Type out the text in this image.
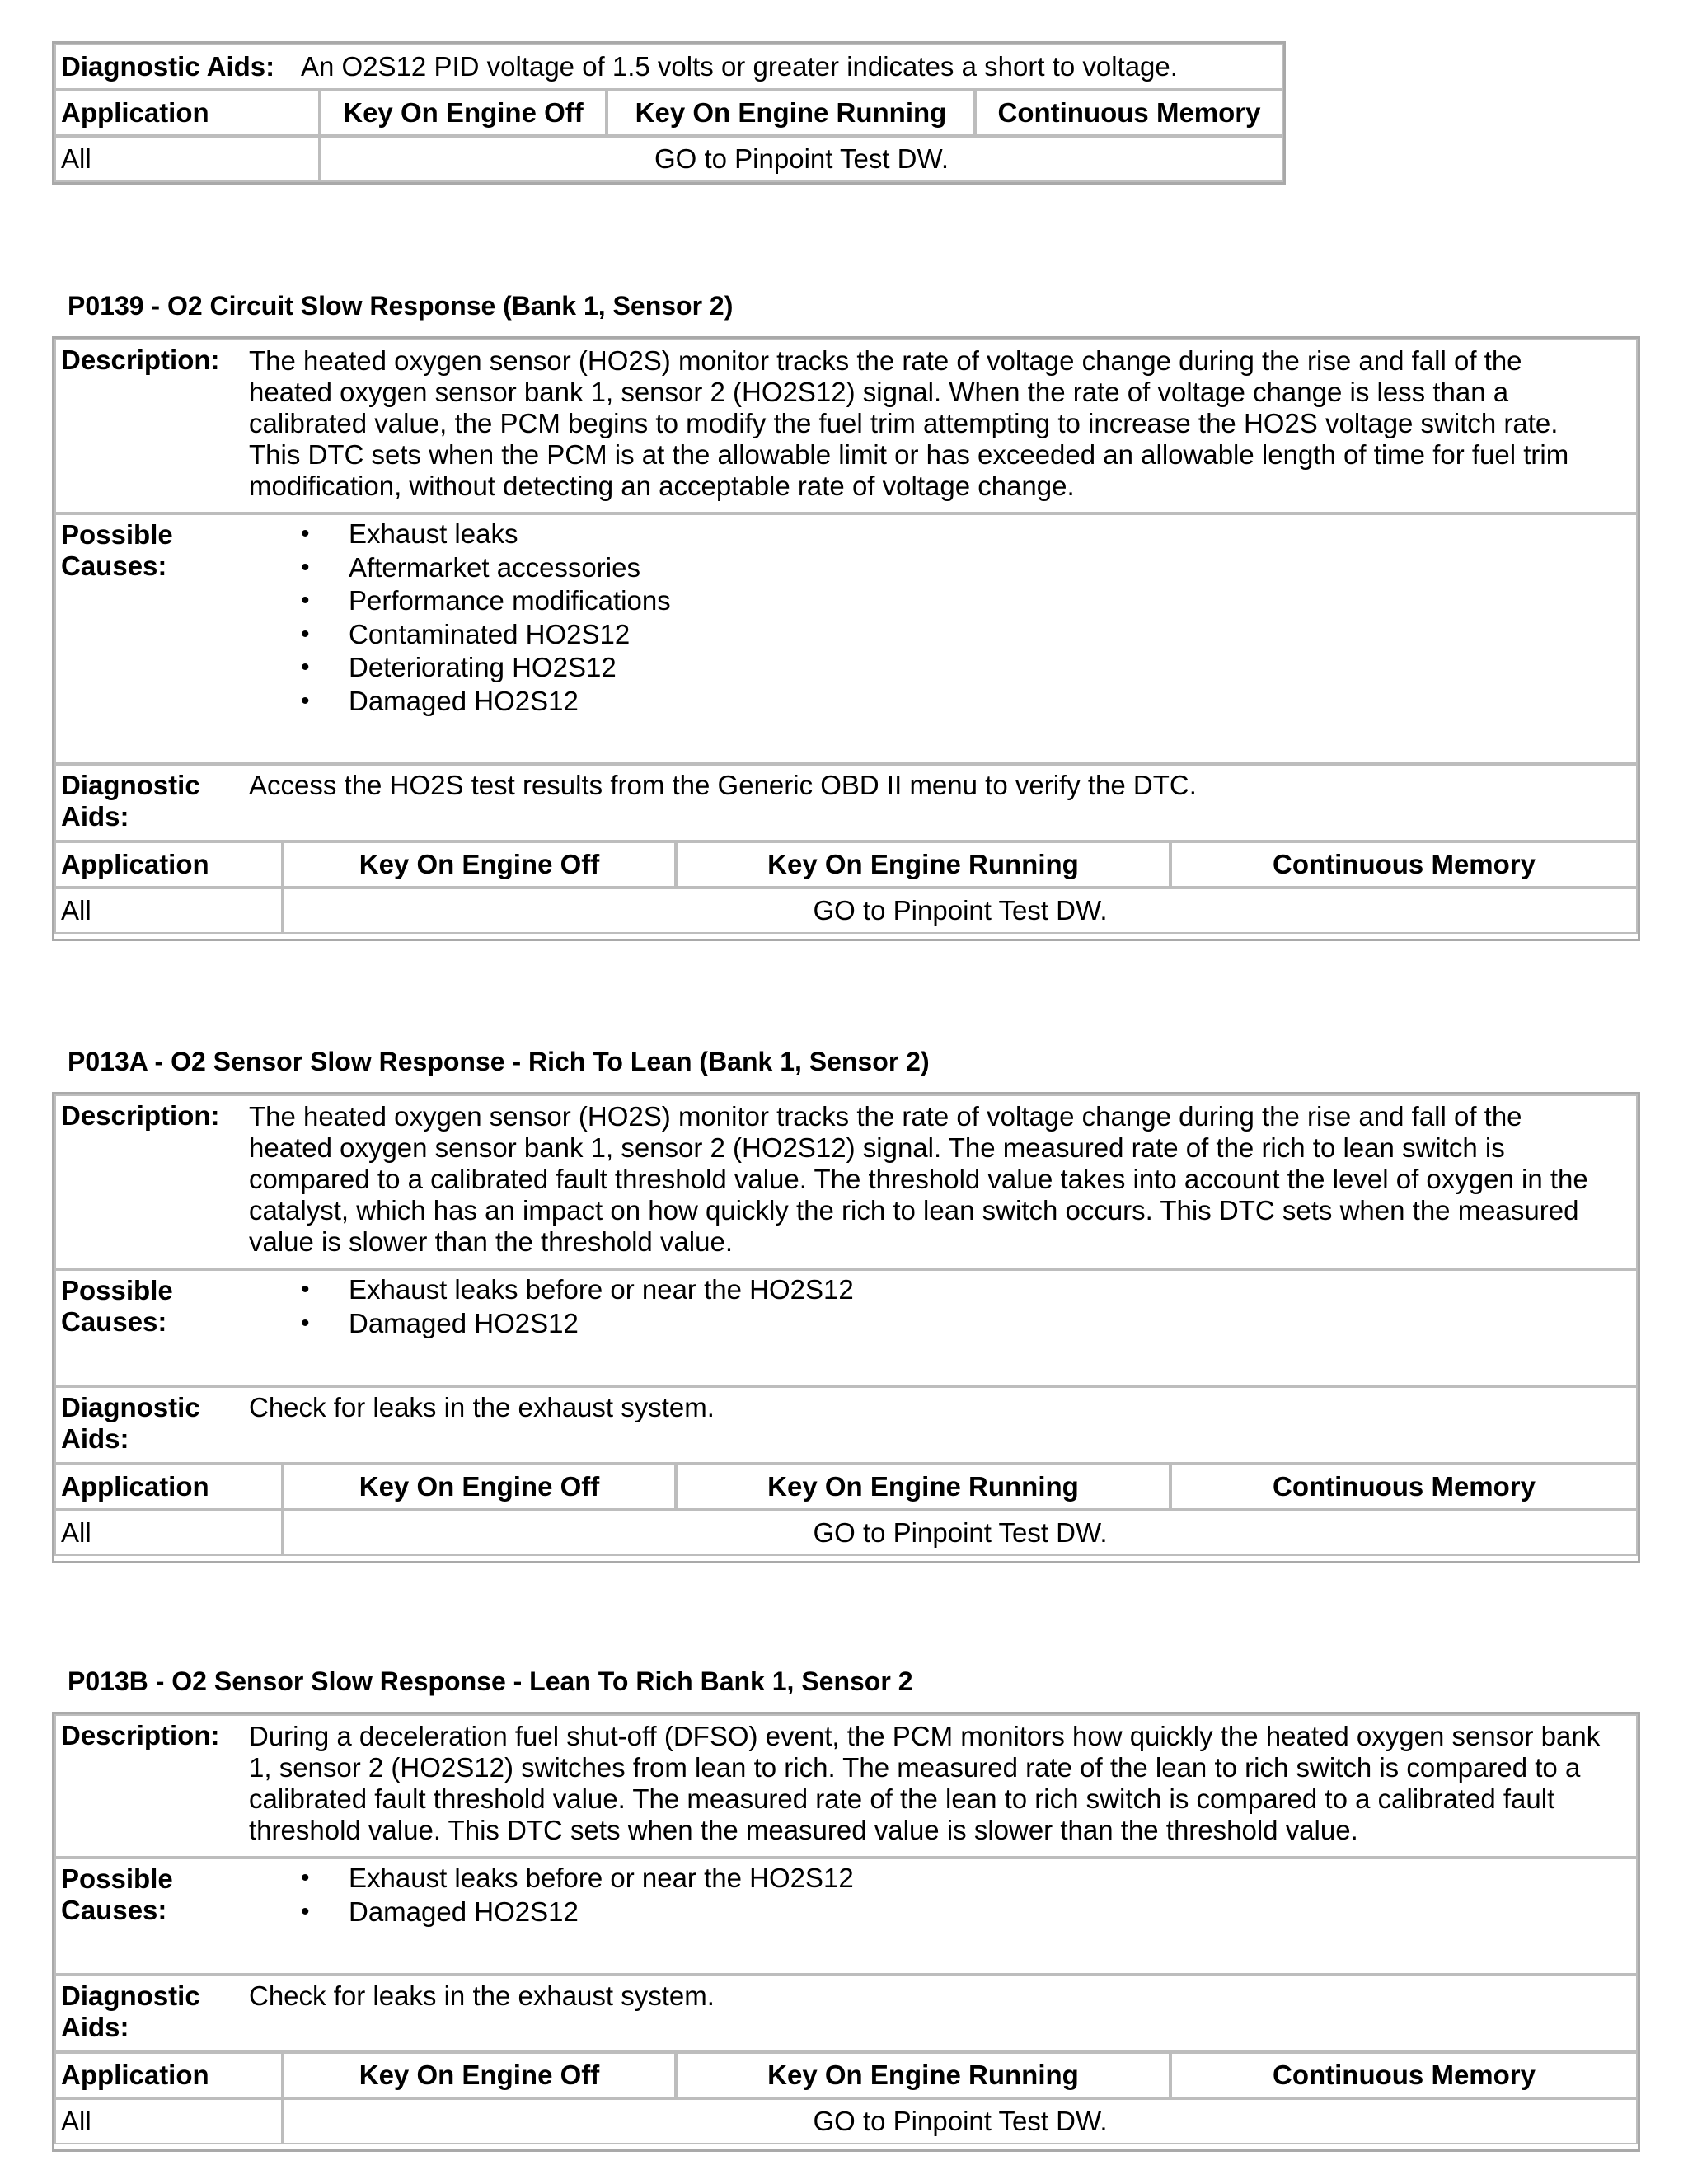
Diagnostic Aids: An O2S12 PID voltage of 1.5 volts or greater indicates a short to voltage.
Application	Key On Engine Off	Key On Engine Running	Continuous Memory
All	GO to Pinpoint Test DW.
P0139 - O2 Circuit Slow Response (Bank 1, Sensor 2)
Description: The heated oxygen sensor (HO2S) monitor tracks the rate of voltage change during the rise and fall of the
heated oxygen sensor bank 1, sensor 2 (HO2S12) signal. When the rate of voltage change is less than a
calibrated value, the PCM begins to modify the fuel trim attempting to increase the HO2S voltage switch rate.
This DTC sets when the PCM is at the allowable limit or has exceeded an allowable length of time for fuel trim
modification, without detecting an acceptable rate of voltage change.
Possible
Causes:
• Exhaust leaks
• Aftermarket accessories
• Performance modifications
• Contaminated HO2S12
• Deteriorating HO2S12
• Damaged HO2S12
Diagnostic
Aids:
Access the HO2S test results from the Generic OBD II menu to verify the DTC.
Application	Key On Engine Off	Key On Engine Running	Continuous Memory
All	GO to Pinpoint Test DW.
P013A - O2 Sensor Slow Response - Rich To Lean (Bank 1, Sensor 2)
Description: The heated oxygen sensor (HO2S) monitor tracks the rate of voltage change during the rise and fall of the
heated oxygen sensor bank 1, sensor 2 (HO2S12) signal. The measured rate of the rich to lean switch is
compared to a calibrated fault threshold value. The threshold value takes into account the level of oxygen in the
catalyst, which has an impact on how quickly the rich to lean switch occurs. This DTC sets when the measured
value is slower than the threshold value.
Possible
Causes:
• Exhaust leaks before or near the HO2S12
• Damaged HO2S12
Diagnostic
Aids:
Check for leaks in the exhaust system.
Application	Key On Engine Off	Key On Engine Running	Continuous Memory
All	GO to Pinpoint Test DW.
P013B - O2 Sensor Slow Response - Lean To Rich Bank 1, Sensor 2
Description: During a deceleration fuel shut-off (DFSO) event, the PCM monitors how quickly the heated oxygen sensor bank
1, sensor 2 (HO2S12) switches from lean to rich. The measured rate of the lean to rich switch is compared to a
calibrated fault threshold value. The measured rate of the lean to rich switch is compared to a calibrated fault
threshold value. This DTC sets when the measured value is slower than the threshold value.
Possible
Causes:
• Exhaust leaks before or near the HO2S12
• Damaged HO2S12
Diagnostic
Aids:
Check for leaks in the exhaust system.
Application	Key On Engine Off	Key On Engine Running	Continuous Memory
All	GO to Pinpoint Test DW.
